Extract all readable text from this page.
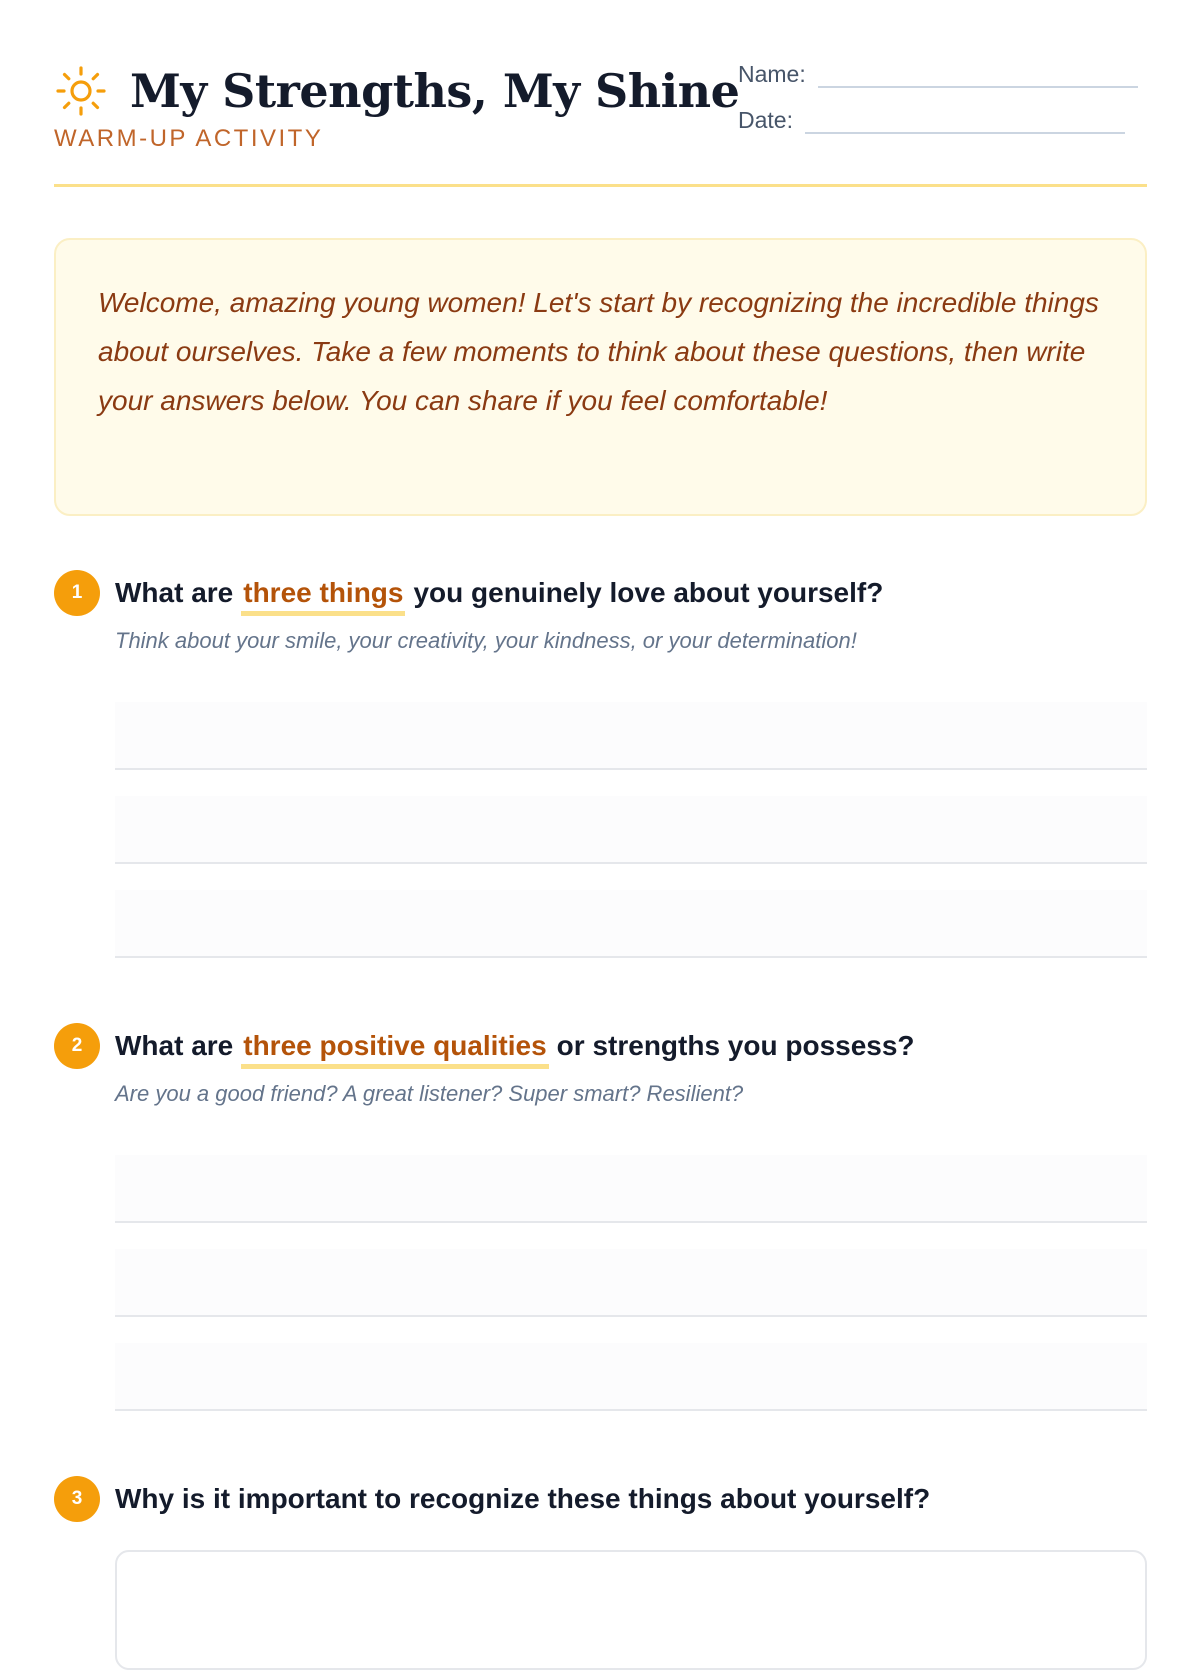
My Strengths, My Shine
WARM-UP ACTIVITY
Name:
Date:

Welcome, amazing young women! Let's start by recognizing the incredible things about ourselves. Take a few moments to think about these questions, then write your answers below. You can share if you feel comfortable!

1	What are three things you genuinely love about yourself?
Think about your smile, your creativity, your kindness, or your determination!
2	What are three positive qualities or strengths you possess?
Are you a good friend? A great listener? Super smart? Resilient?
3	Why is it important to recognize these things about yourself?
